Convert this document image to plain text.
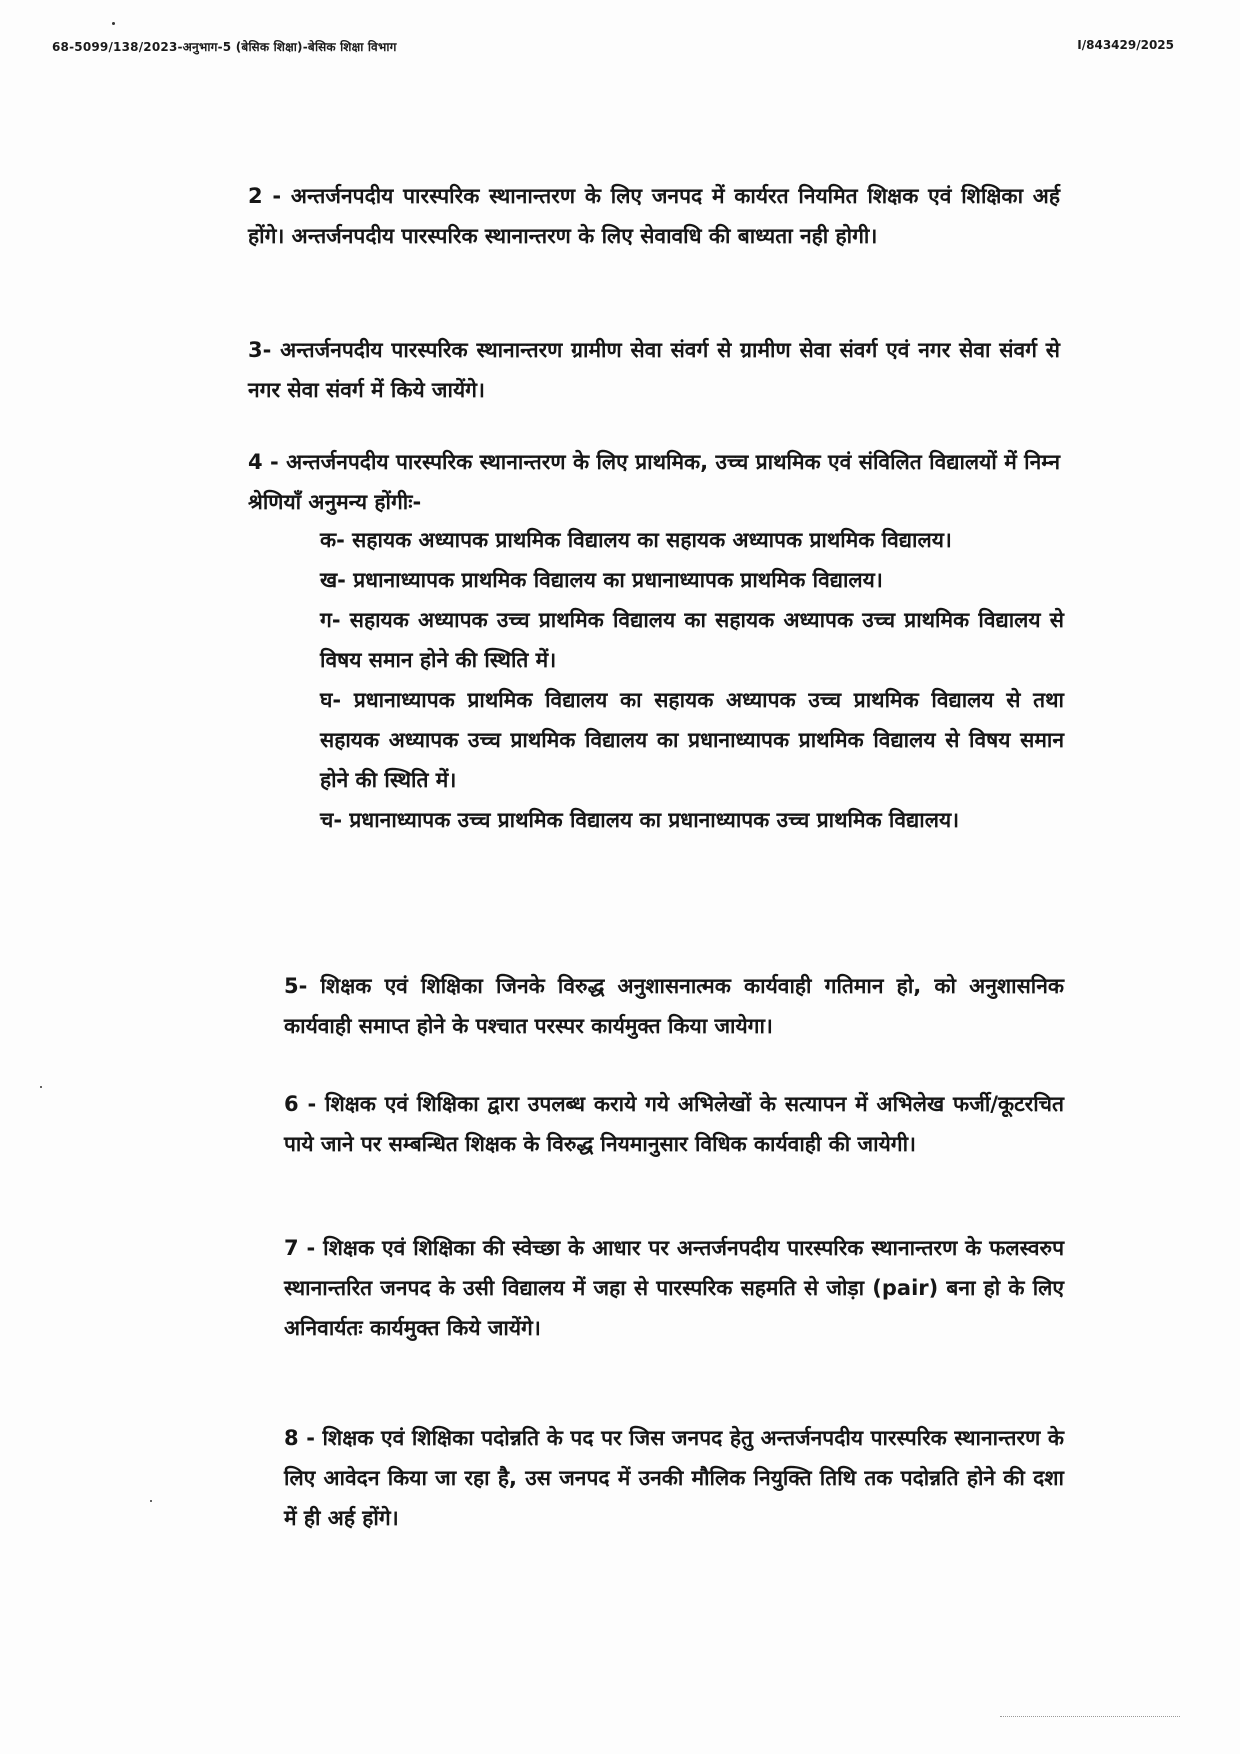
68-5099/138/2023-अनुभाग-5 (बेसिक शिक्षा)-बेसिक शिक्षा विभाग	I/843429/2025

2 - अन्तर्जनपदीय पारस्परिक स्थानान्तरण के लिए जनपद में कार्यरत नियमित शिक्षक एवं शिक्षिका अर्ह होंगे। अन्तर्जनपदीय पारस्परिक स्थानान्तरण के लिए सेवावधि की बाध्यता नही होगी।

3- अन्तर्जनपदीय पारस्परिक स्थानान्तरण ग्रामीण सेवा संवर्ग से ग्रामीण सेवा संवर्ग एवं नगर सेवा संवर्ग से नगर सेवा संवर्ग में किये जायेंगे।

4 - अन्तर्जनपदीय पारस्परिक स्थानान्तरण के लिए प्राथमिक, उच्च प्राथमिक एवं संविलित विद्यालयों में निम्न श्रेणियाँ अनुमन्य होंगीः-

क- सहायक अध्यापक प्राथमिक विद्यालय का सहायक अध्यापक प्राथमिक विद्यालय।

ख- प्रधानाध्यापक प्राथमिक विद्यालय का प्रधानाध्यापक प्राथमिक विद्यालय।

ग- सहायक अध्यापक उच्च प्राथमिक विद्यालय का सहायक अध्यापक उच्च प्राथमिक विद्यालय से विषय समान होने की स्थिति में।

घ- प्रधानाध्यापक प्राथमिक विद्यालय का सहायक अध्यापक उच्च प्राथमिक विद्यालय से तथा सहायक अध्यापक उच्च प्राथमिक विद्यालय का प्रधानाध्यापक प्राथमिक विद्यालय से विषय समान होने की स्थिति में।

च- प्रधानाध्यापक उच्च प्राथमिक विद्यालय का प्रधानाध्यापक उच्च प्राथमिक विद्यालय।

5- शिक्षक एवं शिक्षिका जिनके विरुद्ध अनुशासनात्मक कार्यवाही गतिमान हो, को अनुशासनिक कार्यवाही समाप्त होने के पश्चात परस्पर कार्यमुक्त किया जायेगा।

6 - शिक्षक एवं शिक्षिका द्वारा उपलब्ध कराये गये अभिलेखों के सत्यापन में अभिलेख फर्जी/कूटरचित पाये जाने पर सम्बन्धित शिक्षक के विरुद्ध नियमानुसार विधिक कार्यवाही की जायेगी।

7 - शिक्षक एवं शिक्षिका की स्वेच्छा के आधार पर अन्तर्जनपदीय पारस्परिक स्थानान्तरण के फलस्वरुप स्थानान्तरित जनपद के उसी विद्यालय में जहा से पारस्परिक सहमति से जोड़ा (pair) बना हो के लिए अनिवार्यतः कार्यमुक्त किये जायेंगे।

8 - शिक्षक एवं शिक्षिका पदोन्नति के पद पर जिस जनपद हेतु अन्तर्जनपदीय पारस्परिक स्थानान्तरण के लिए आवेदन किया जा रहा है, उस जनपद में उनकी मौलिक नियुक्ति तिथि तक पदोन्नति होने की दशा में ही अर्ह होंगे।
